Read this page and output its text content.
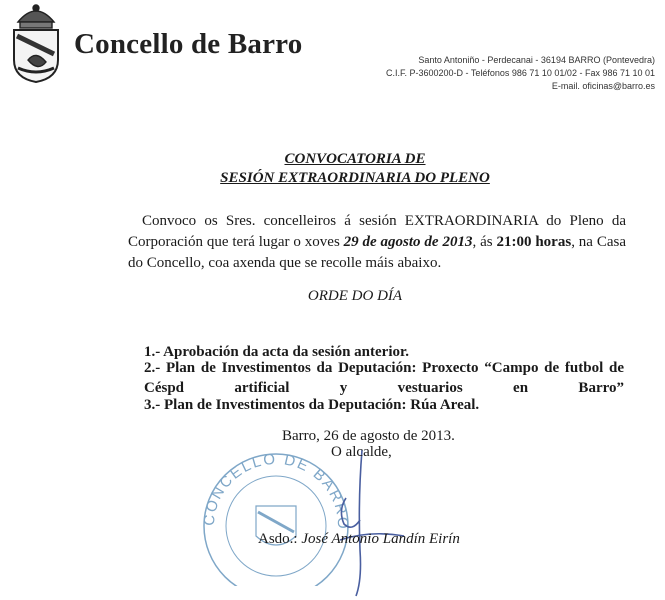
Concello de Barro	Santo Antoniño - Perdecanai - 36194 BARRO (Pontevedra)
C.I.F. P-3600200-D - Teléfonos 986 71 10 01/02 - Fax 986 71 10 01
E-mail. oficinas@barro.es
CONVOCATORIA DE
SESIÓN EXTRAORDINARIA DO PLENO
Convoco os Sres. concelleiros á sesión EXTRAORDINARIA do Pleno da Corporación que terá lugar o xoves 29 de agosto de 2013, ás 21:00 horas, na Casa do Concello, coa axenda que se recolle máis abaixo.
ORDE DO DÍA
1.- Aprobación da acta da sesión anterior.
2.- Plan de Investimentos da Deputación: Proxecto “Campo de futbol de Céspd artificial y vestuarios en Barro”
3.- Plan de Investimentos da Deputación: Rúa Areal.
CONCELLO DE BARRO
Barro, 26 de agosto de 2013.
O alcalde,
Asdo.: José Antonio Landín Eirín
